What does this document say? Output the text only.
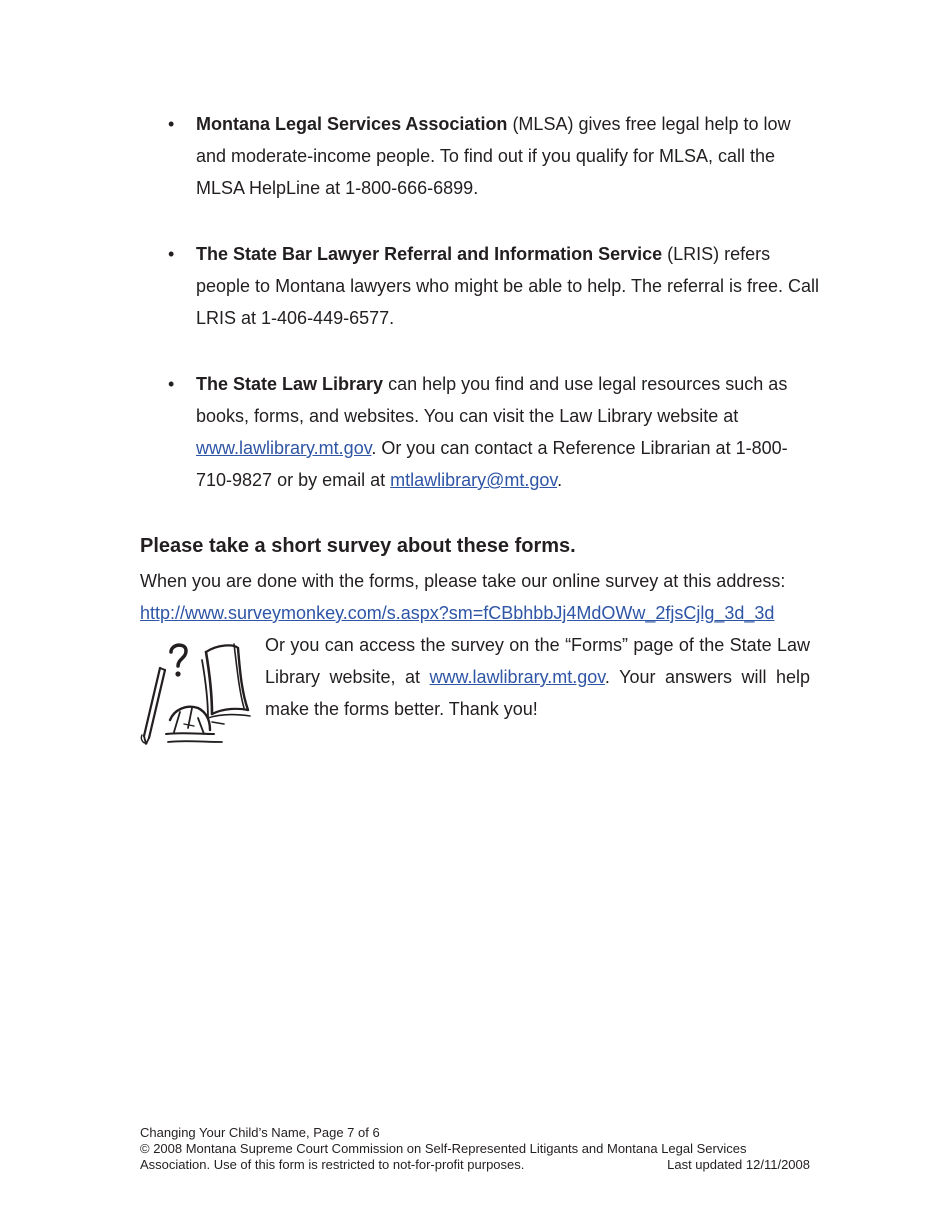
• Montana Legal Services Association (MLSA) gives free legal help to low and moderate-income people. To find out if you qualify for MLSA, call the MLSA HelpLine at 1-800-666-6899.
• The State Bar Lawyer Referral and Information Service (LRIS) refers people to Montana lawyers who might be able to help. The referral is free. Call LRIS at 1-406-449-6577.
• The State Law Library can help you find and use legal resources such as books, forms, and websites. You can visit the Law Library website at www.lawlibrary.mt.gov. Or you can contact a Reference Librarian at 1-800-710-9827 or by email at mtlawlibrary@mt.gov.
Please take a short survey about these forms.

When you are done with the forms, please take our online survey at this address:

http://www.surveymonkey.com/s.aspx?sm=fCBbhbbJj4MdOWw_2fjsCjlg_3d_3d

Or you can access the survey on the “Forms” page of the State Law Library website, at www.lawlibrary.mt.gov. Your answers will help make the forms better. Thank you!

Changing Your Child’s Name, Page 7 of 6
© 2008 Montana Supreme Court Commission on Self-Represented Litigants and Montana Legal Services
Association. Use of this form is restricted to not-for-profit purposes.	Last updated 12/11/2008
